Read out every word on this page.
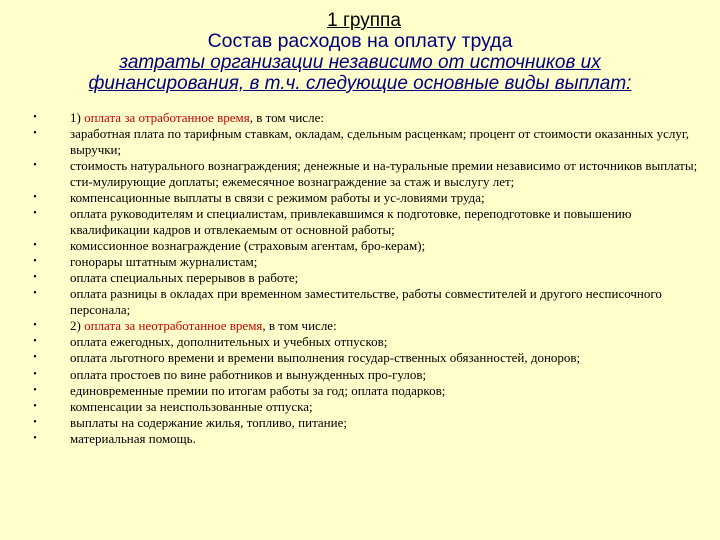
1 группа
Состав расходов на оплату труда
затраты организации независимо от источников их
финансирования, в т.ч. следующие основные виды выплат:
•	1) оплата за отработанное время, в том числе:
•	заработная плата по тарифным ставкам, окладам, сдельным расценкам; процент от стоимости оказанных услуг, выручки;
•	стоимость натурального вознаграждения; денежные и на-туральные премии независимо от источников выплаты; сти-мулирующие доплаты; ежемесячное вознаграждение за стаж и выслугу лет;
•	компенсационные выплаты в связи с режимом работы и ус-ловиями труда;
•	оплата руководителям и специалистам, привлекавшимся к подготовке, переподготовке и повышению квалификации кадров и отвлекаемым от основной работы;
•	комиссионное вознаграждение (страховым агентам, бро-керам);
•	гонорары штатным журналистам;
•	оплата специальных перерывов в работе;
•	оплата разницы в окладах при временном заместительстве, работы совместителей и другого несписочного персонала;
•	2) оплата за неотработанное время, в том числе:
•	оплата ежегодных, дополнительных и учебных отпусков;
•	оплата льготного времени и времени выполнения государ-ственных обязанностей, доноров;
•	оплата простоев по вине работников и вынужденных про-гулов;
•	единовременные премии по итогам работы за год; оплата подарков;
•	компенсации за неиспользованные отпуска;
•	выплаты на содержание жилья, топливо, питание;
•	материальная помощь.
